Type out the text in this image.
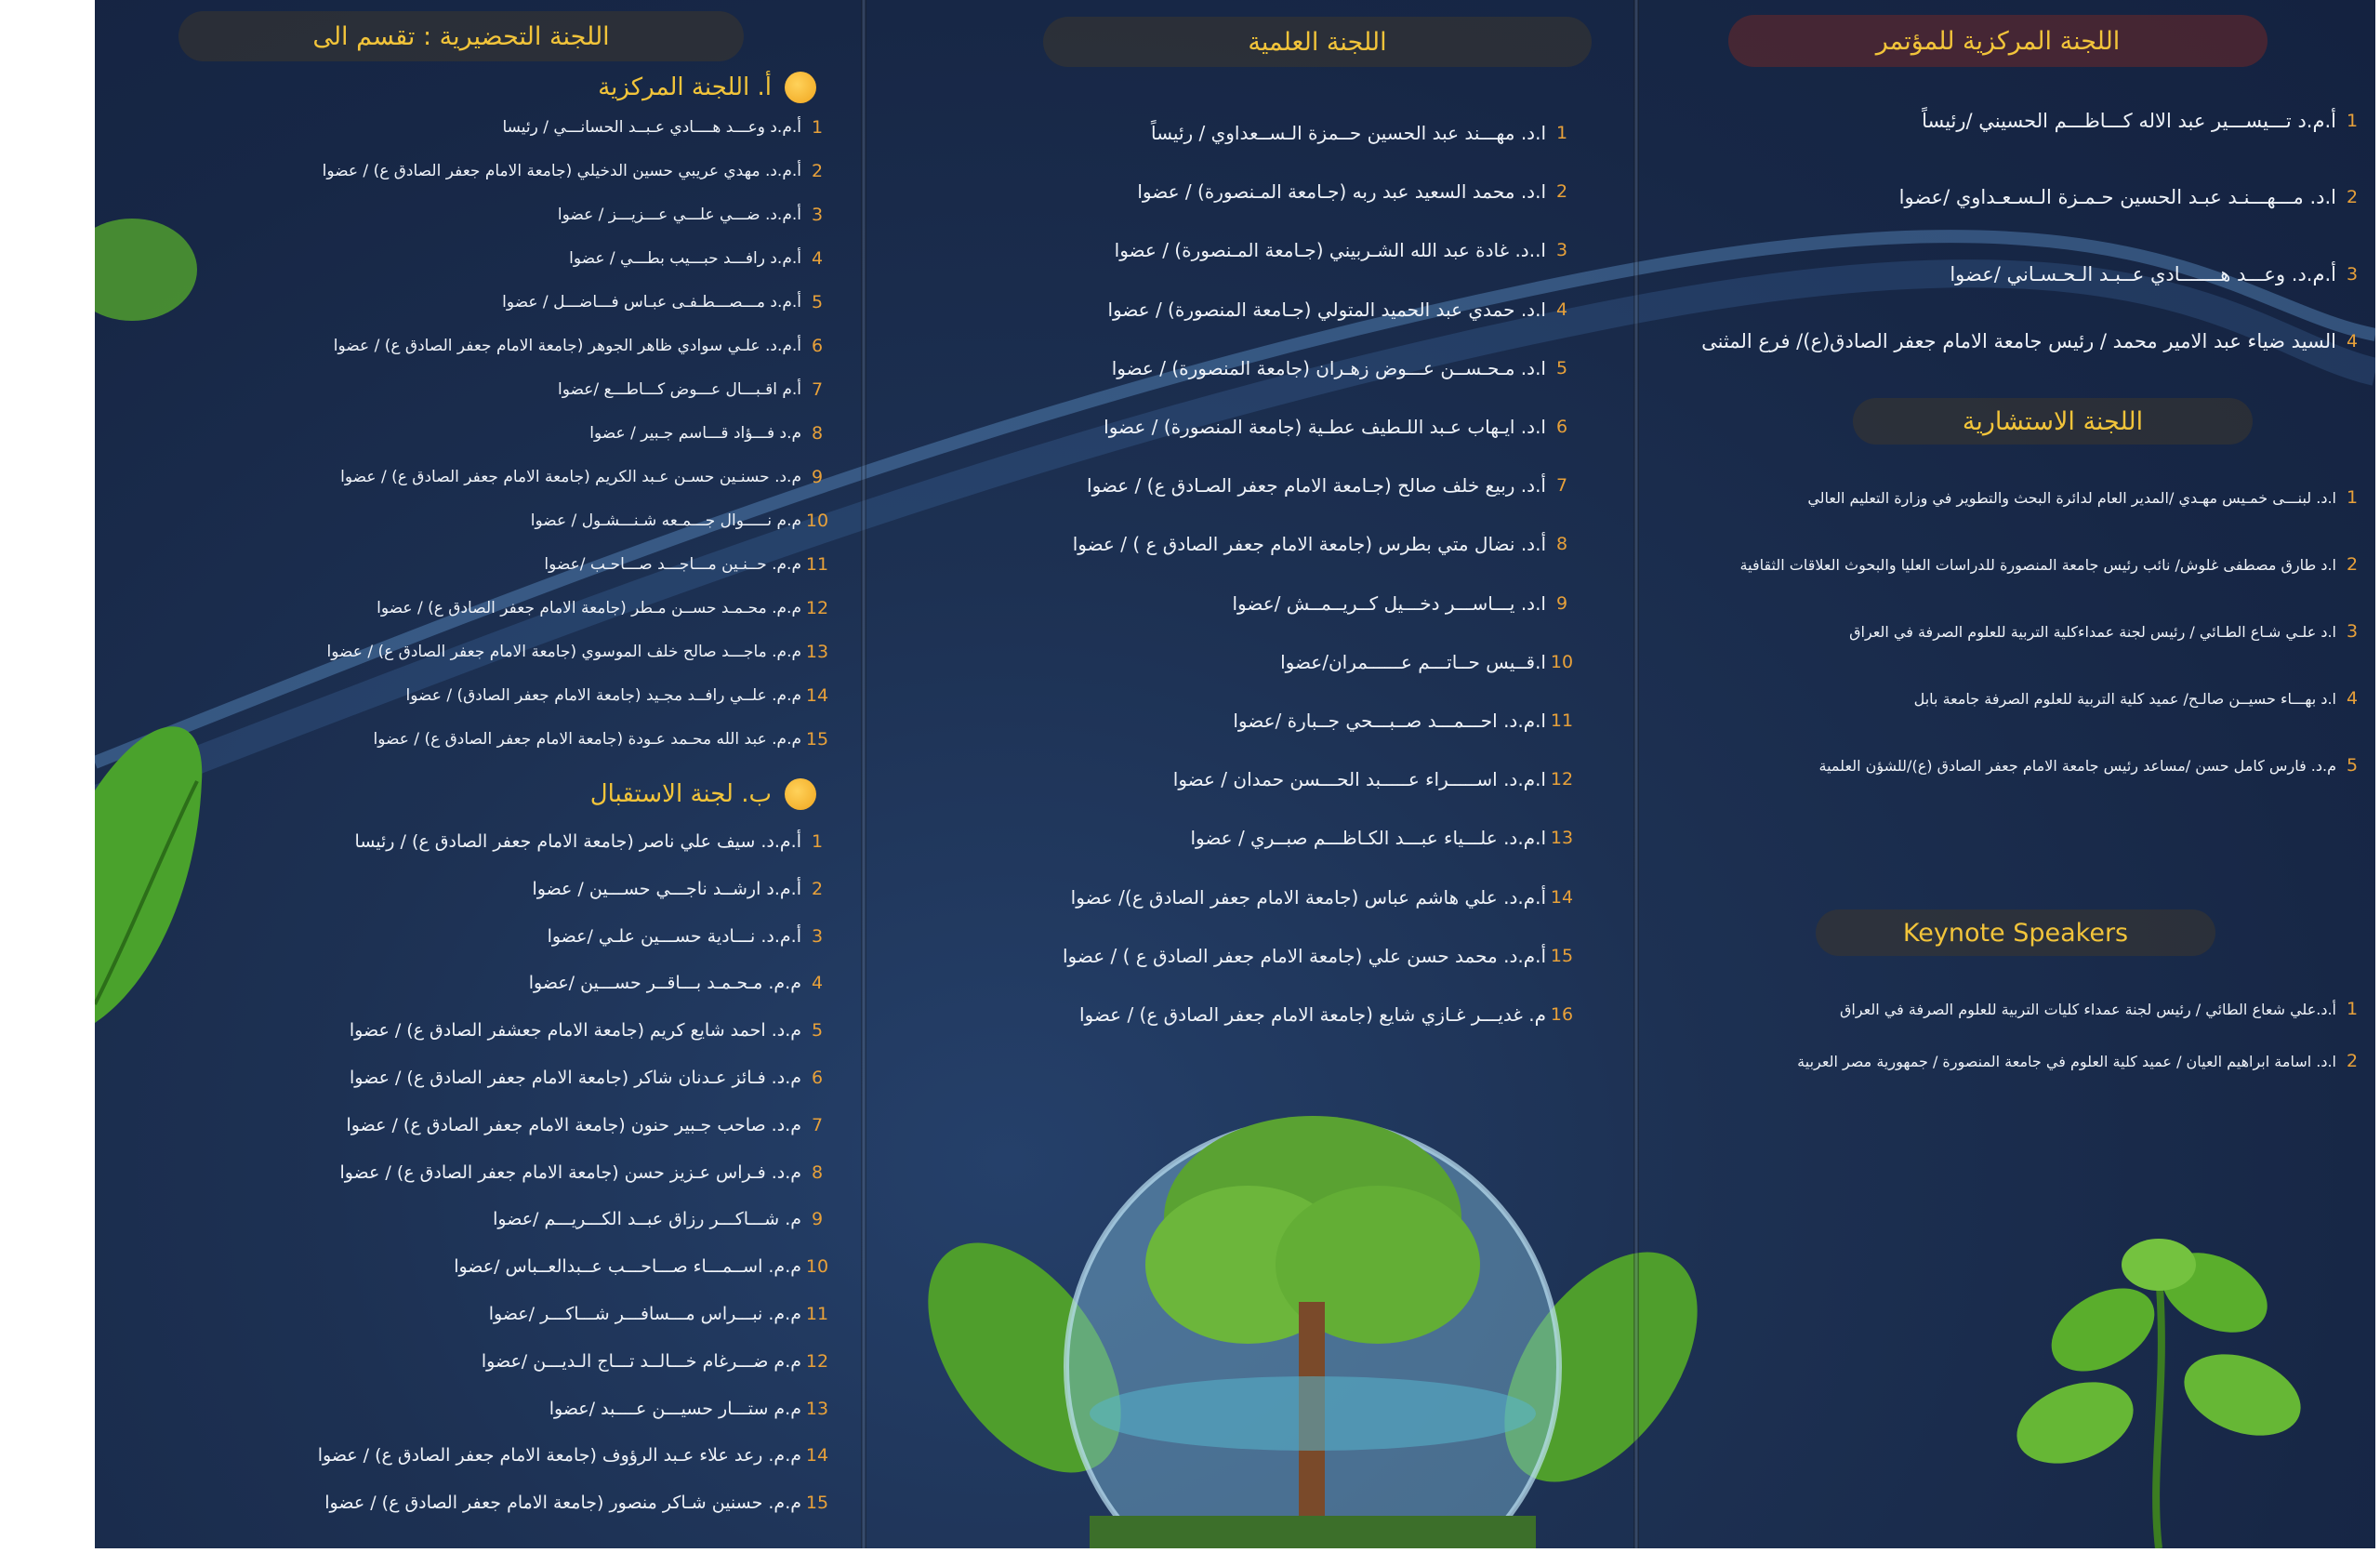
اللجنة المركزية للمؤتمر
اللجنة الاستشارية
Keynote Speakers
1
أ.م.د تـــيســـير عبد الاله كـــاظـــم الحسيني /رئيساً
2
ا.د. مـــهـــنـد عبـد الحسين حـمـزة الـسـعـداوي /عضوا
3
أ.م.د. وعـــد هـــــــادي عــبـد الـحـسـاني /عضوا
4
السيد ضياء عبد الامير محمد / رئيس جامعة الامام جعفر الصادق(ع)/ فرع المثنى
1
ا.د. لبنـــى خمـيس مهـدي /المدير العام لدائرة البحث والتطوير في وزارة التعليم العالي
2
ا.د طارق مصطفى غلوش/ نائب رئيس جامعة المنصورة للدراسات العليا والبحوث العلاقات الثقافية
3
ا.د علـي شـاع الطـائي / رئيس لجنة عمداءكلية التربية للعلوم الصرفة في العراق
4
ا.د بهـــاء حسيــن صالـح/ عميد كلية التربية للعلوم الصرفة جامعة بابل
5
م.د. فارس كامل حسن /مساعد رئيس جامعة الامام جعفر الصادق (ع)/للشؤن العلمية
1
أ.د.علي شعاع الطائي / رئيس لجنة عمداء كليات التربية للعلوم الصرفة في العراق
2
ا.د. اسامة ابراهيم العيان / عميد كلية العلوم في جامعة المنصورة / جمهورية مصر العربية
اللجنة العلمية
1
ا.د. مهـــند عبد الحسين حــمزة الـســعداوي / رئيساً
2
ا.د. محمد السعيد عبد ربه (جـامعة المـنصورة) / عضوا
3
ا..د. غادة عبد الله الشـربيني (جـامعة المـنصورة) / عضوا
4
ا.د. حمدي عبد الحميد المتولي (جـامعة المنصورة) / عضوا
5
ا.د. مـحـســن عـــوض زهـران (جامعة المنصورة) / عضوا
6
ا.د. ايـهاب عـبد اللـطيف عطـية (جامعة المنصورة) / عضوا
7
أ.د. ربيع خلف صالح (جـامعة الامام جعفر الصـادق ع) / عضوا
8
أ.د. نضال متي بطرس (جامعة الامام جعفر الصادق ع ) / عضوا
9
ا.د. يـــاســـر دخـــيل كــريــمــش /عضوا
10
ا.قــيس حــاتـــم عــــــمران/عضوا
11
ا.م.د. احـــمـــد صــبـــحي جــبارة /عضوا
12
ا.م.د. اســـــراء عـــــبد الحـــسن حمدان / عضوا
13
ا.م.د. علـــياء عبـــد الكـاظـــم صبــري / عضوا
14
أ.م.د. علي هاشم عباس (جامعة الامام جعفر الصادق ع)/ عضوا
15
أ.م.د. محمد حسن علي (جامعة الامام جعفر الصادق ع ) / عضوا
16
م. غديـــر غـازي شايع (جامعة الامام جعفر الصادق ع) / عضوا
اللجنة التحضيرية : تقسم الى
أ. اللجنة المركزية
ب. لجنة الاستقبال
1
أ.م.د وعـــد هــــادي عـبــد الحسانـــي / رئيسا
2
أ.م.د. مهدي عريبي حسين الدخيلي (جامعة الامام جعفر الصادق ع) / عضوا
3
أ.م.د. ضـــي علـــي عـــزيـــز / عضوا
4
أ.م.د رافـــد حبـــيب بطـــي / عضوا
5
أ.م.د مـــصـــطـفـى عبـاس فـــاضـــل / عضوا
6
أ.م.د. علـي سوادي ظاهر الجوهر (جامعة الامام جعفر الصادق ع) / عضوا
7
أ.م اقـبـــال عـــوض كـــاطـــع /عضوا
8
م.د فـــؤاد قـــاسم جـبير / عضوا
9
م.د. حسنـين حسـن عـبد الكريم (جامعة الامام جعفر الصادق ع) / عضوا
10
م.م نـــــوال جـــمـعه شـنـــشـول / عضوا
11
م.م. حــنـين مـــاجـــد صـــاحـب /عضوا
12
م.م. محـمـد حســن مـطر (جامعة الامام جعفر الصادق ع) / عضوا
13
م.م. ماجـــد صالح خلف الموسوي (جامعة الامام جعفر الصادق ع) / عضوا
14
م.م. علــي رافــد مجـيد (جامعة الامام جعفر الصادق) / عضوا
15
م.م. عبد الله محـمد عـودة (جامعة الامام جعفر الصادق ع) / عضوا
1
أ.م.د. سيف علي ناصر (جامعة الامام جعفر الصادق ع) / رئيسا
2
أ.م.د ارشــد ناجـــي حســـين / عضوا
3
أ.م.د. نـــادية حســـين علـي /عضوا
4
م.م. مـحـمـد بـــاقــر حســـين /عضوا
5
م.د. احمد شايع كريم (جامعة الامام جعشفر الصادق ع) / عضوا
6
م.د. فـائز عـدنان شاكر (جامعة الامام جعفر الصادق ع) / عضوا
7
م.د. صاحب جـبير حنون (جامعة الامام جعفر الصادق ع) / عضوا
8
م.د. فـراس عـزيز حسن (جامعة الامام جعفر الصادق ع) / عضوا
9
م. شـــاكـــر رزاق عبــد الكـــريـــم /عضوا
10
م.م. اســمـــاء صـــاحـــب عــبدالعــباس /عضوا
11
م.م. نبـــراس مـــسافـــر شـــاكـــر /عضوا
12
م.م ضـــرغام خـــالــد تـــاج الـديـــن /عضوا
13
م.م ستـــار حسيـــن عــــبد /عضوا
14
م.م. رعد علاء عـبد الرؤوف (جامعة الامام جعفر الصادق ع) / عضوا
15
م.م. حسنين شـاكر منصور (جامعة الامام جعفر الصادق ع) / عضوا
